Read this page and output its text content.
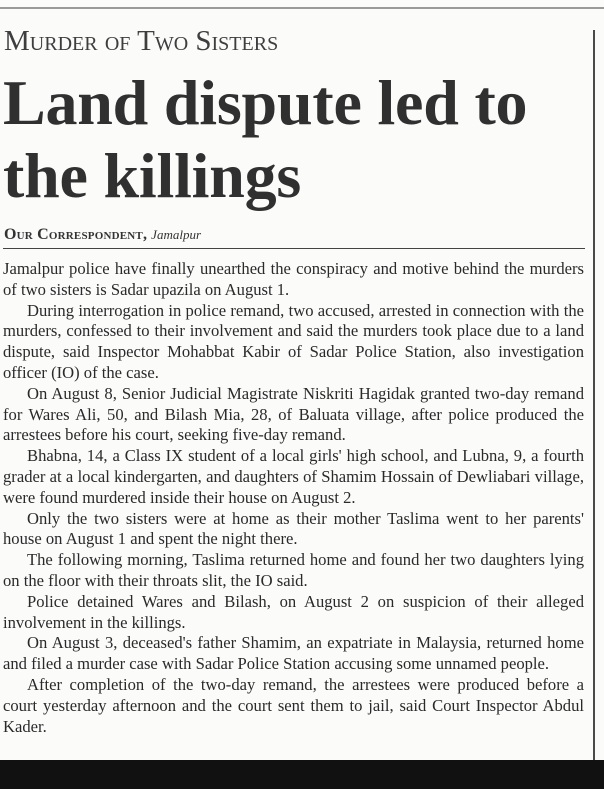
Murder of Two Sisters
Land dispute led to the killings

Our Correspondent, Jamalpur

Jamalpur police have finally unearthed the conspiracy and motive behind the murders of two sisters is Sadar upazila on August 1.

During interrogation in police remand, two accused, arrested in connection with the murders, confessed to their involvement and said the murders took place due to a land dispute, said Inspector Mohabbat Kabir of Sadar Police Station, also investigation officer (IO) of the case.

On August 8, Senior Judicial Magistrate Niskriti Hagidak granted two-day remand for Wares Ali, 50, and Bilash Mia, 28, of Baluata village, after police produced the arrestees before his court, seeking five-day remand.

Bhabna, 14, a Class IX student of a local girls' high school, and Lubna, 9, a fourth grader at a local kindergarten, and daughters of Shamim Hossain of Dewliabari village, were found murdered inside their house on August 2.

Only the two sisters were at home as their mother Taslima went to her parents' house on August 1 and spent the night there.

The following morning, Taslima returned home and found her two daughters lying on the floor with their throats slit, the IO said.

Police detained Wares and Bilash, on August 2 on suspicion of their alleged involvement in the killings.

On August 3, deceased's father Shamim, an expatriate in Malaysia, returned home and filed a murder case with Sadar Police Station accusing some unnamed people.

After completion of the two-day remand, the arrestees were produced before a court yesterday afternoon and the court sent them to jail, said Court Inspector Abdul Kader.
